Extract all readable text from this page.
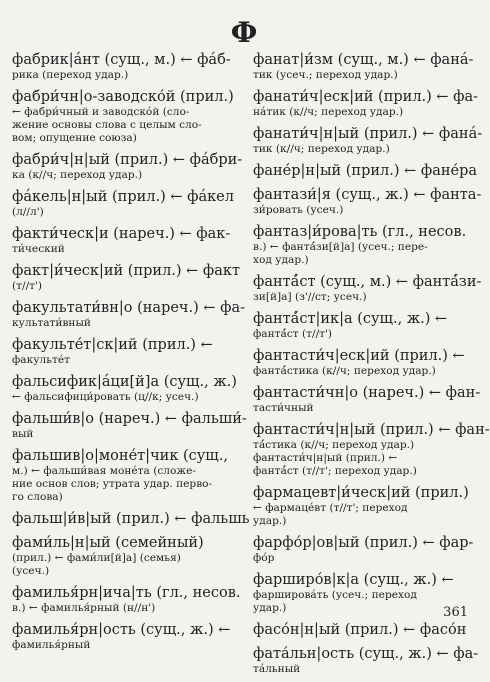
Ф
фабрик|áнт (сущ., м.) ← фáб-
рика (переход удар.)
фабри́чн|о-заводско́й (прил.)
← фабри́чный и заводско́й (сло-
жение основы слова с целым сло-
вом; опущение союза)
фабри́ч|н|ый (прил.) ← фáбри-
ка (к//ч; переход удар.)
фáкель|н|ый (прил.) ← фáкел
(л//л')
факти́ческ|и (нареч.) ← фак-
ти́ческий
факт|и́ческ|ий (прил.) ← факт
(т//т')
факультати́вн|о (нареч.) ← фа-
культати́вный
факульте́т|ск|ий (прил.) ←
факульте́т
фальсифик|áци[й]а (сущ., ж.)
← фальсифици́ровать (ц//к; усеч.)
фальши́в|о (нареч.) ← фальши́-
вый
фальшив|о|моне́т|чик (сущ.,
м.) ← фальши́вая моне́та (сложе-
ние основ слов; утрата удар. перво-
го слова)
фальш|и́в|ый (прил.) ← фальшь
фами́ль|н|ый (семейный)
(прил.) ← фами́ли[й]а] (семья)
(усеч.)
фамилья́рн|ича|ть (гл., несов.
в.) ← фамилья́рный (н//н')
фамилья́рн|ость (сущ., ж.) ←
фамилья́рный
фанат|и́зм (сущ., м.) ← фанá-
тик (усеч.; переход удар.)
фанати́ч|еск|ий (прил.) ← фа-
нáтик (к//ч; переход удар.)
фанати́ч|н|ый (прил.) ← фанá-
тик (к//ч; переход удар.)
фане́р|н|ый (прил.) ← фане́ра
фантази́|я (сущ., ж.) ← фанта-
зи́ровать (усеч.)
фантаз|и́рова|ть (гл., несов.
в.) ← фантá́зи[й]а] (усеч.; пере-
ход удар.)
фантá́ст (сущ., м.) ← фантá́зи-
зи[й]а] (з'//ст; усеч.)
фантá́ст|ик|а (сущ., ж.) ←
фантá́ст (т//т')
фантасти́ч|еск|ий (прил.) ←
фантá́стика (к//ч; переход удар.)
фантасти́чн|о (нареч.) ← фан-
тасти́чный
фантасти́ч|н|ый (прил.) ← фан-
тá́стика (к//ч; переход удар.)
фантасти́ч|н|ый (прил.) ←
фантá́ст (т//т'; переход удар.)
фармацевт|и́ческ|ий (прил.)
← фармаце́вт (т//т'; переход
удар.)
фарфо́р|ов|ый (прил.) ← фар-
фо́р
фарширо́в|к|а (сущ., ж.) ←
фарширова́ть (усеч.; переход
удар.)
фасо́н|н|ый (прил.) ← фасо́н
фата́льн|ость (сущ., ж.) ← фа-
та́льный
361
